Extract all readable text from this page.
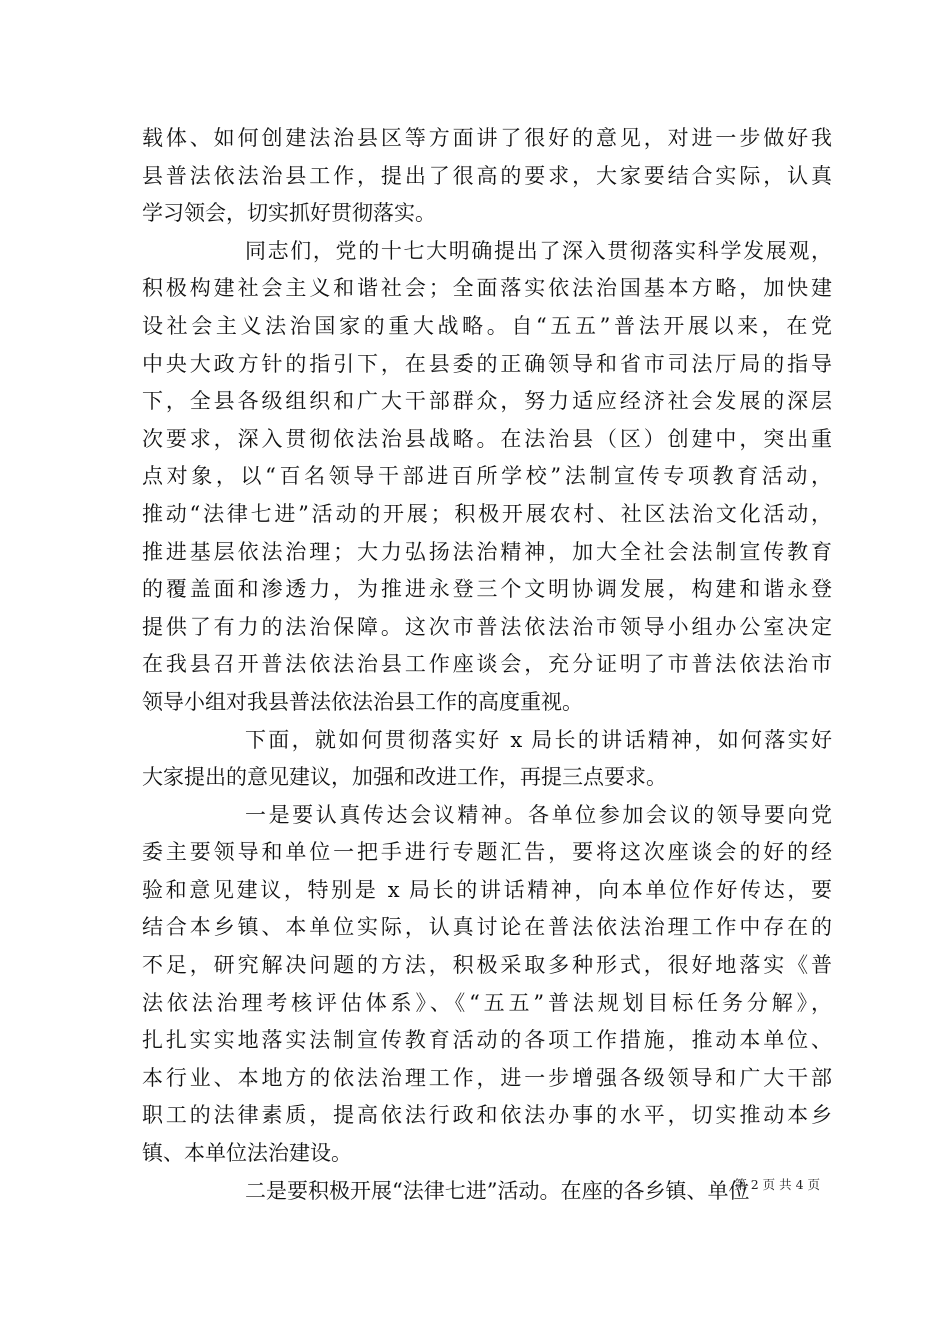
载体、如何创建法治县区等方面讲了很好的意见，对进一步做好我
县普法依法治县工作，提出了很高的要求，大家要结合实际，认真
学习领会，切实抓好贯彻落实。
同志们，党的十七大明确提出了深入贯彻落实科学发展观，
积极构建社会主义和谐社会；全面落实依法治国基本方略，加快建
设社会主义法治国家的重大战略。自“五五”普法开展以来，在党
中央大政方针的指引下，在县委的正确领导和省市司法厅局的指导
下，全县各级组织和广大干部群众，努力适应经济社会发展的深层
次要求，深入贯彻依法治县战略。在法治县（区）创建中，突出重
点对象，以“百名领导干部进百所学校”法制宣传专项教育活动，
推动“法律七进”活动的开展；积极开展农村、社区法治文化活动，
推进基层依法治理；大力弘扬法治精神，加大全社会法制宣传教育
的覆盖面和渗透力，为推进永登三个文明协调发展，构建和谐永登
提供了有力的法治保障。这次市普法依法治市领导小组办公室决定
在我县召开普法依法治县工作座谈会，充分证明了市普法依法治市
领导小组对我县普法依法治县工作的高度重视。
下面，就如何贯彻落实好 x 局长的讲话精神，如何落实好
大家提出的意见建议，加强和改进工作，再提三点要求。
一是要认真传达会议精神。各单位参加会议的领导要向党
委主要领导和单位一把手进行专题汇告，要将这次座谈会的好的经
验和意见建议，特别是 x 局长的讲话精神，向本单位作好传达，要
结合本乡镇、本单位实际，认真讨论在普法依法治理工作中存在的
不足，研究解决问题的方法，积极采取多种形式，很好地落实《普
法依法治理考核评估体系》、《“五五”普法规划目标任务分解》，
扎扎实实地落实法制宣传教育活动的各项工作措施，推动本单位、
本行业、本地方的依法治理工作，进一步增强各级领导和广大干部
职工的法律素质，提高依法行政和依法办事的水平，切实推动本乡
镇、本单位法治建设。
二是要积极开展“法律七进”活动。在座的各乡镇、单位
第 2 页 共 4 页
